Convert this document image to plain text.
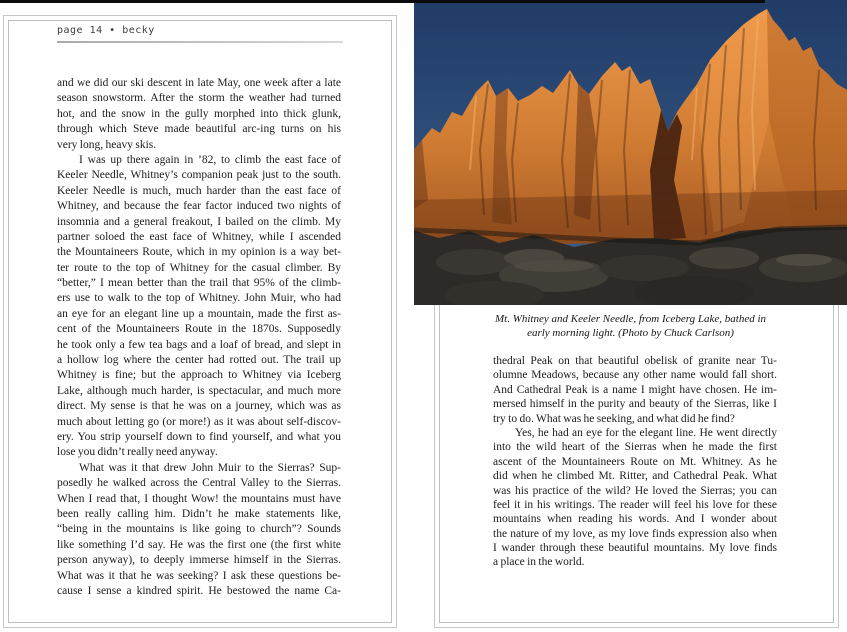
page 14 • becky
and we did our ski descent in late May, one week after a late
season snowstorm. After the storm the weather had turned
hot, and the snow in the gully morphed into thick glunk,
through which Steve made beautiful arc-ing turns on his
very long, heavy skis.
I was up there again in ’82, to climb the east face of
Keeler Needle, Whitney’s companion peak just to the south.
Keeler Needle is much, much harder than the east face of
Whitney, and because the fear factor induced two nights of
insomnia and a general freakout, I bailed on the climb. My
partner soloed the east face of Whitney, while I ascended
the Mountaineers Route, which in my opinion is a way bet-
ter route to the top of Whitney for the casual climber. By
“better,” I mean better than the trail that 95% of the climb-
ers use to walk to the top of Whitney. John Muir, who had
an eye for an elegant line up a mountain, made the first as-
cent of the Mountaineers Route in the 1870s. Supposedly
he took only a few tea bags and a loaf of bread, and slept in
a hollow log where the center had rotted out. The trail up
Whitney is fine; but the approach to Whitney via Iceberg
Lake, although much harder, is spectacular, and much more
direct. My sense is that he was on a journey, which was as
much about letting go (or more!) as it was about self-discov-
ery. You strip yourself down to find yourself, and what you
lose you didn’t really need anyway.
What was it that drew John Muir to the Sierras? Sup-
posedly he walked across the Central Valley to the Sierras.
When I read that, I thought Wow! the mountains must have
been really calling him. Didn’t he make statements like,
“being in the mountains is like going to church”? Sounds
like something I’d say. He was the first one (the first white
person anyway), to deeply immerse himself in the Sierras.
What was it that he was seeking? I ask these questions be-
cause I sense a kindred spirit. He bestowed the name Ca-
Mt. Whitney and Keeler Needle, from Iceberg Lake, bathed in
early morning light. (Photo by Chuck Carlson)
thedral Peak on that beautiful obelisk of granite near Tu-
olumne Meadows, because any other name would fall short.
And Cathedral Peak is a name I might have chosen. He im-
mersed himself in the purity and beauty of the Sierras, like I
try to do. What was he seeking, and what did he find?
Yes, he had an eye for the elegant line. He went directly
into the wild heart of the Sierras when he made the first
ascent of the Mountaineers Route on Mt. Whitney. As he
did when he climbed Mt. Ritter, and Cathedral Peak. What
was his practice of the wild? He loved the Sierras; you can
feel it in his writings. The reader will feel his love for these
mountains when reading his words. And I wonder about
the nature of my love, as my love finds expression also when
I wander through these beautiful mountains. My love finds
a place in the world.
